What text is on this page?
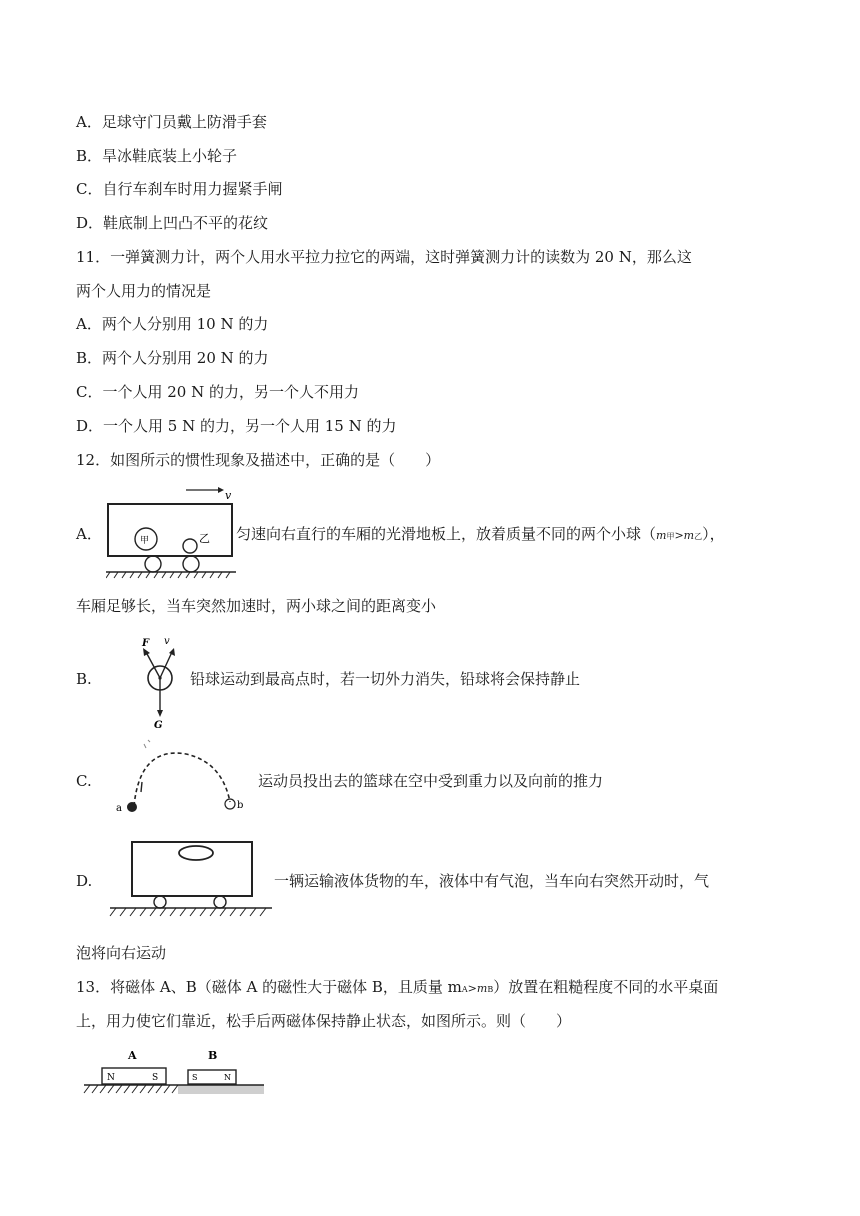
A．足球守门员戴上防滑手套
B．旱冰鞋底装上小轮子
C．自行车刹车时用力握紧手闸
D．鞋底制上凹凸不平的花纹
11．一弹簧测力计，两个人用水平拉力拉它的两端，这时弹簧测力计的读数为 20 N，那么这
两个人用力的情况是
A．两个人分别用 10 N 的力
B．两个人分别用 20 N 的力
C．一个人用 20 N 的力，另一个人不用力
D．一个人用 5 N 的力，另一个人用 15 N 的力
12．如图所示的惯性现象及描述中，正确的是（　　）
A．
v
甲	乙 匀速向右直行的车厢的光滑地板上，放着质量不同的两个小球（m甲>m乙），
车厢足够长，当车突然加速时，两小球之间的距离变小
B.
F v
G
铅球运动到最高点时，若一切外力消失，铅球将会保持静止
C.
a	b
运动员投出去的篮球在空中受到重力以及向前的推力
D.	一辆运输液体货物的车，液体中有气泡，当车向右突然开动时，气
泡将向右运动
13．将磁体 A、B（磁体 A 的磁性大于磁体 B，且质量 mA>mB）放置在粗糙程度不同的水平桌面
上，用力使它们靠近，松手后两磁体保持静止状态，如图所示。则（　　）
A	B
N	S	S	N
